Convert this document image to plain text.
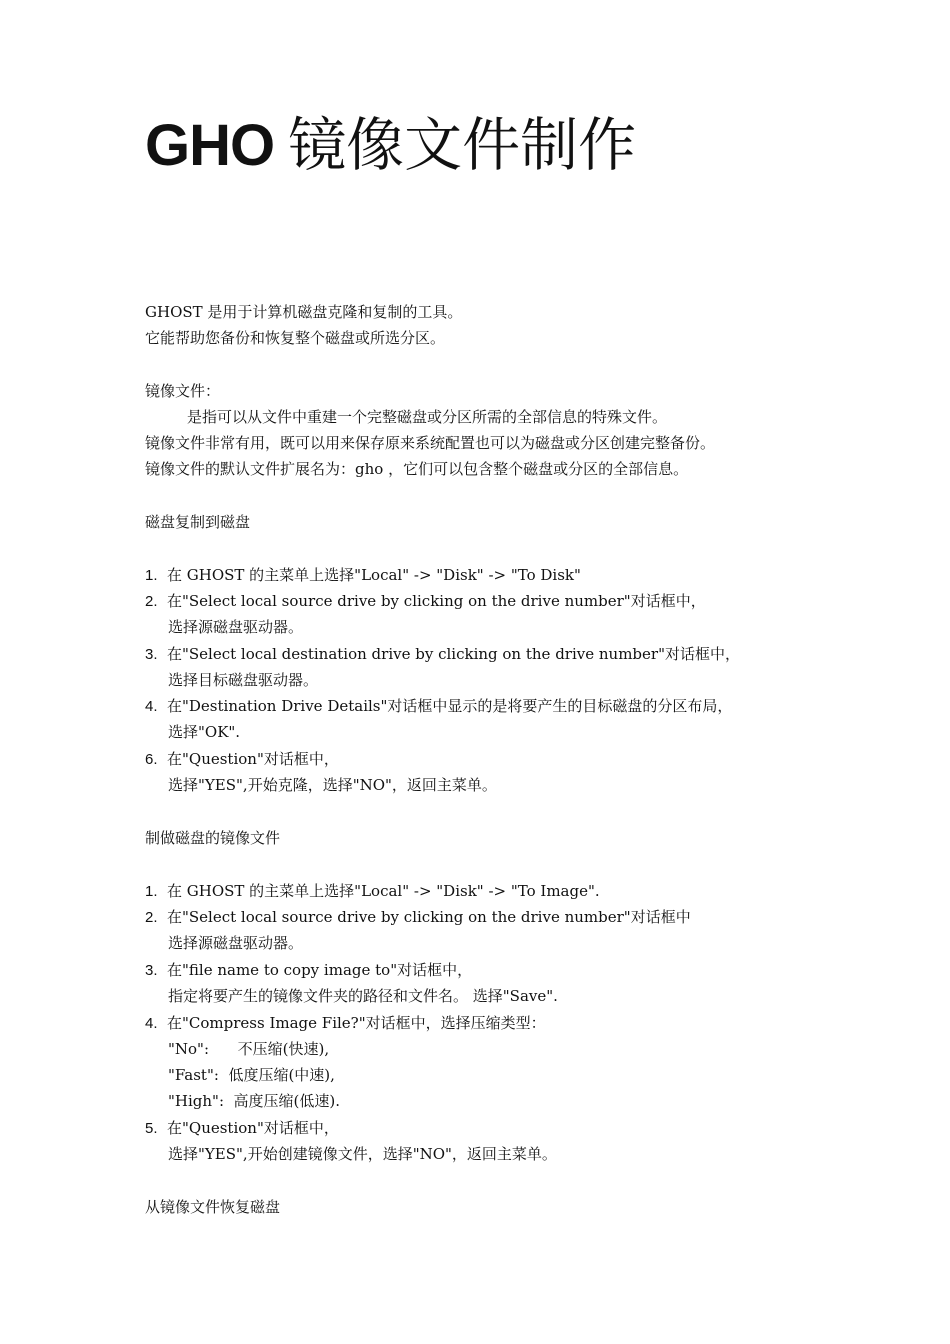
GHO 镜像文件制作
GHOST 是用于计算机磁盘克隆和复制的工具。
它能帮助您备份和恢复整个磁盘或所选分区。
镜像文件：
是指可以从文件中重建一个完整磁盘或分区所需的全部信息的特殊文件。
镜像文件非常有用，既可以用来保存原来系统配置也可以为磁盘或分区创建完整备份。
镜像文件的默认文件扩展名为：gho ，它们可以包含整个磁盘或分区的全部信息。
磁盘复制到磁盘
1. 在 GHOST 的主菜单上选择"Local" -> "Disk" -> "To Disk"
2. 在"Select local source drive by clicking on the drive number"对话框中，
选择源磁盘驱动器。
3. 在"Select local destination drive by clicking on the drive number"对话框中，
选择目标磁盘驱动器。
4. 在"Destination Drive Details"对话框中显示的是将要产生的目标磁盘的分区布局，
选择"OK".
6. 在"Question"对话框中，
选择"YES",开始克隆，选择"NO"，返回主菜单。
制做磁盘的镜像文件
1. 在 GHOST 的主菜单上选择"Local" -> "Disk" -> "To Image".
2. 在"Select local source drive by clicking on the drive number"对话框中
选择源磁盘驱动器。
3. 在"file name to copy image to"对话框中，
指定将要产生的镜像文件夹的路径和文件名。 选择"Save".
4. 在"Compress Image File?"对话框中，选择压缩类型：
"No":      不压缩(快速),
"Fast":  低度压缩(中速),
"High":  高度压缩(低速).
5. 在"Question"对话框中，
选择"YES",开始创建镜像文件，选择"NO"，返回主菜单。
从镜像文件恢复磁盘
